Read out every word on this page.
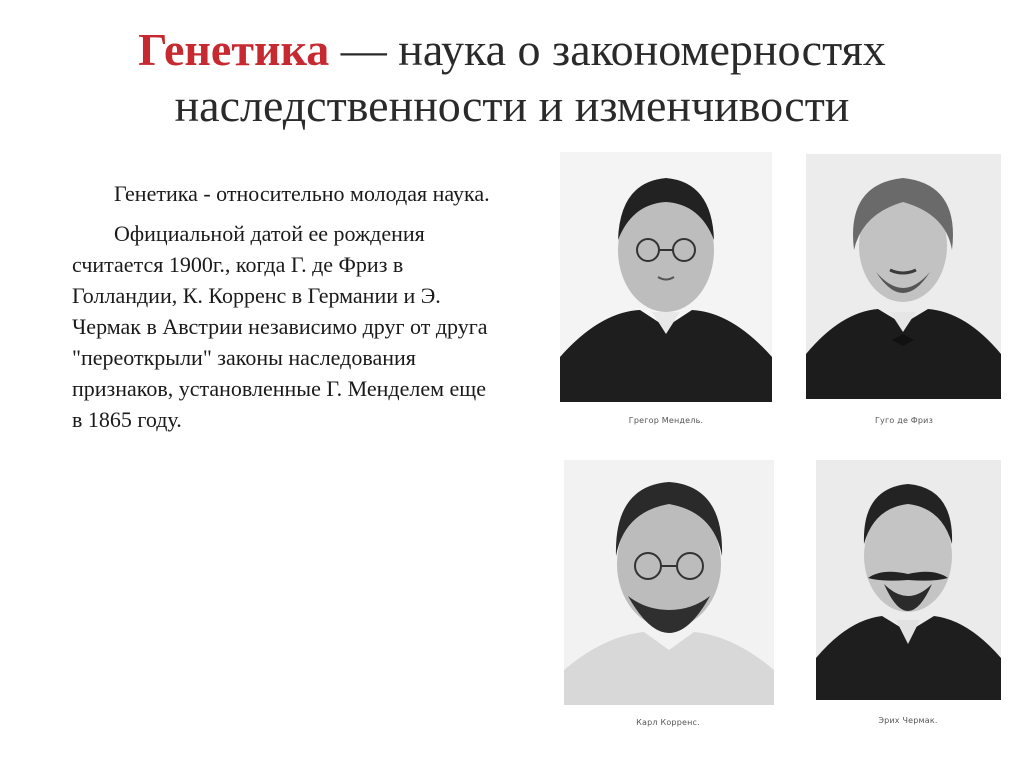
Генетика — наука о закономерностях наследственности и изменчивости

Генетика - относительно молодая наука.

Официальной датой ее рождения считается 1900г., когда Г. де Фриз в Голландии, К. Корренс в Германии и Э. Чермак в Австрии независимо друг от друга "переоткрыли" законы наследования признаков, установленные Г. Менделем еще в 1865 году.	Грегор Мендель.	Гуго де Фриз
Карл Корренс.	Эрих Чермак.
